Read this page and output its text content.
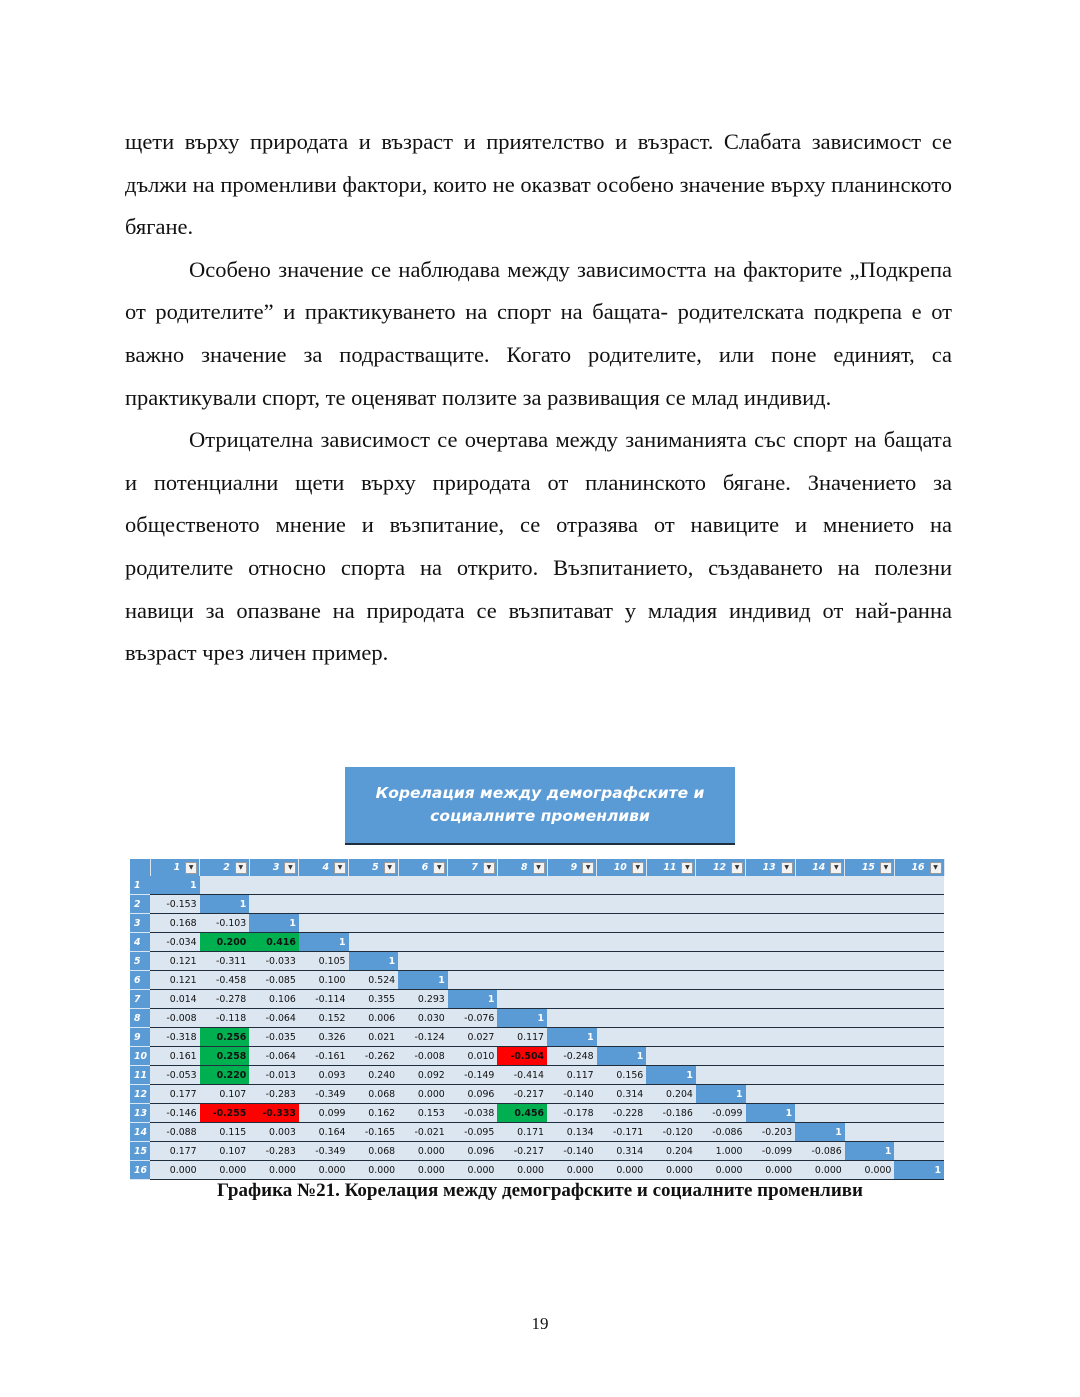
щети върху природата и възраст и приятелство и възраст. Слабата зависимост се дължи на променливи фактори, които не оказват особено значение върху планинското бягане.

Особено значение се наблюдава между зависимостта на факторите „Подкрепа от родителите” и практикуването на спорт на бащата- родителската подкрепа е от важно значение за подрастващите. Когато родителите, или поне единият, са практикували спорт, те оценяват ползите за развиващия се млад индивид.

Отрицателна зависимост се очертава между заниманията със спорт на бащата и потенциални щети върху природата от планинското бягане. Значението за общественото мнение и възпитание, се отразява от навиците и мнението на родителите относно спорта на открито. Възпитанието, създаването на полезни навици за опазване на природата се възпитават у младия индивид от най-ранна възраст чрез личен пример.

Корелация между демографските и
социалните променливи

	1 ▼	2 ▼	3 ▼	4 ▼	5 ▼	6 ▼	7 ▼	8 ▼	9 ▼	10 ▼	11 ▼	12 ▼	13 ▼	14 ▼	15 ▼	16 ▼

1	1															
2	-0.153	1														
3	0.168	-0.103	1													
4	-0.034	0.200	0.416	1												
5	0.121	-0.311	-0.033	0.105	1											
6	0.121	-0.458	-0.085	0.100	0.524	1										
7	0.014	-0.278	0.106	-0.114	0.355	0.293	1									
8	-0.008	-0.118	-0.064	0.152	0.006	0.030	-0.076	1								
9	-0.318	0.256	-0.035	0.326	0.021	-0.124	0.027	0.117	1							
10	0.161	0.258	-0.064	-0.161	-0.262	-0.008	0.010	-0.504	-0.248	1						
11	-0.053	0.220	-0.013	0.093	0.240	0.092	-0.149	-0.414	0.117	0.156	1					
12	0.177	0.107	-0.283	-0.349	0.068	0.000	0.096	-0.217	-0.140	0.314	0.204	1				
13	-0.146	-0.255	-0.333	0.099	0.162	0.153	-0.038	0.456	-0.178	-0.228	-0.186	-0.099	1			
14	-0.088	0.115	0.003	0.164	-0.165	-0.021	-0.095	0.171	0.134	-0.171	-0.120	-0.086	-0.203	1		
15	0.177	0.107	-0.283	-0.349	0.068	0.000	0.096	-0.217	-0.140	0.314	0.204	1.000	-0.099	-0.086	1	
16	0.000	0.000	0.000	0.000	0.000	0.000	0.000	0.000	0.000	0.000	0.000	0.000	0.000	0.000	0.000	1
Графика №21. Корелация между демографските и социалните променливи
19
